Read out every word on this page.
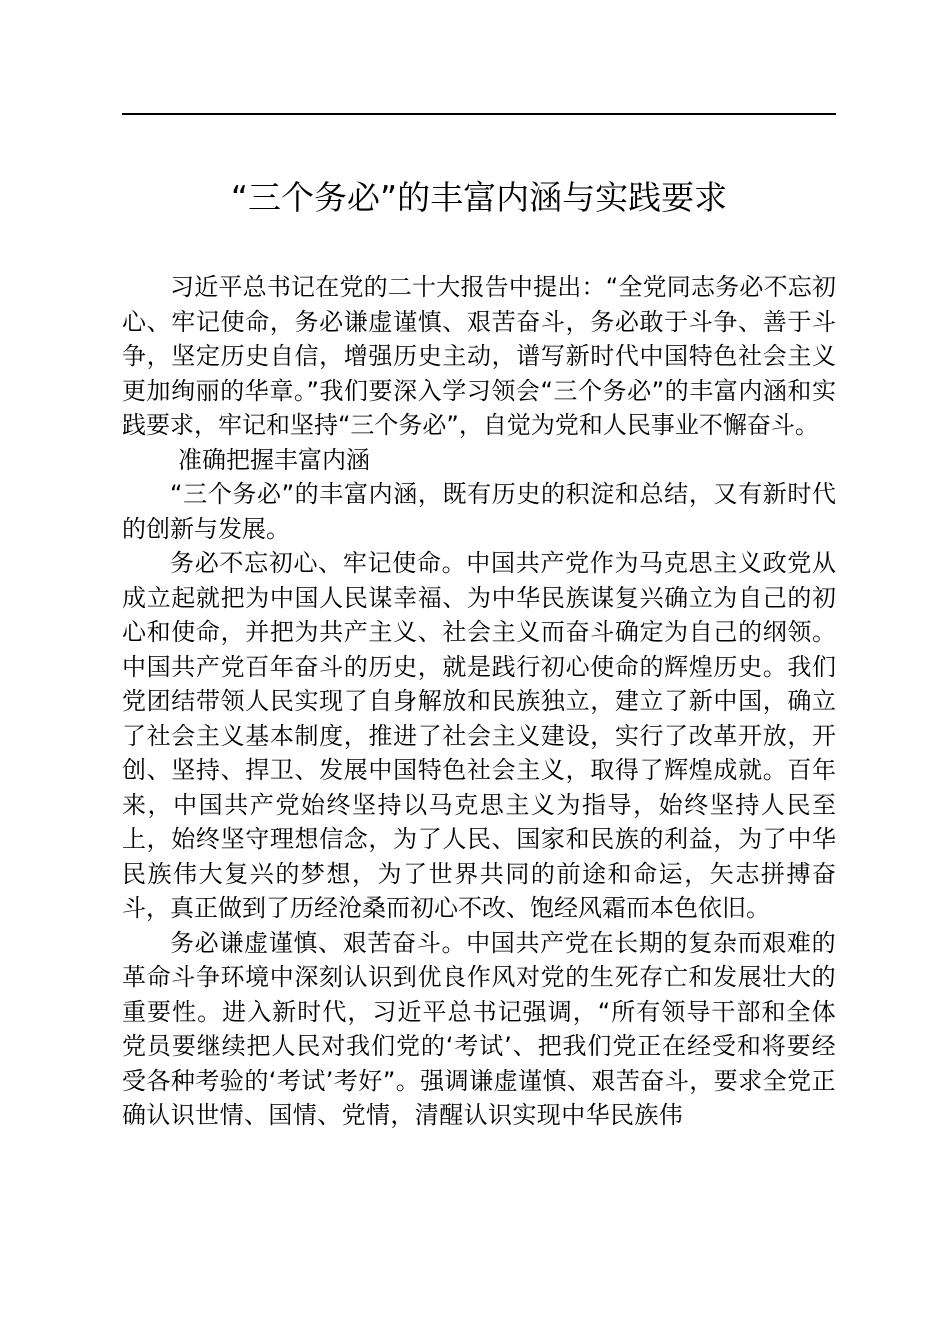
“三个务必”的丰富内涵与实践要求

习近平总书记在党的二十大报告中提出：“全党同志务必不忘初心、牢记使命，务必谦虚谨慎、艰苦奋斗，务必敢于斗争、善于斗争，坚定历史自信，增强历史主动，谱写新时代中国特色社会主义更加绚丽的华章。”我们要深入学习领会“三个务必”的丰富内涵和实践要求，牢记和坚持“三个务必”，自觉为党和人民事业不懈奋斗。

准确把握丰富内涵

“三个务必”的丰富内涵，既有历史的积淀和总结，又有新时代的创新与发展。

务必不忘初心、牢记使命。中国共产党作为马克思主义政党从成立起就把为中国人民谋幸福、为中华民族谋复兴确立为自己的初心和使命，并把为共产主义、社会主义而奋斗确定为自己的纲领。中国共产党百年奋斗的历史，就是践行初心使命的辉煌历史。我们党团结带领人民实现了自身解放和民族独立，建立了新中国，确立了社会主义基本制度，推进了社会主义建设，实行了改革开放，开创、坚持、捍卫、发展中国特色社会主义，取得了辉煌成就。百年来，中国共产党始终坚持以马克思主义为指导，始终坚持人民至上，始终坚守理想信念，为了人民、国家和民族的利益，为了中华民族伟大复兴的梦想，为了世界共同的前途和命运，矢志拼搏奋斗，真正做到了历经沧桑而初心不改、饱经风霜而本色依旧。

务必谦虚谨慎、艰苦奋斗。中国共产党在长期的复杂而艰难的革命斗争环境中深刻认识到优良作风对党的生死存亡和发展壮大的重要性。进入新时代，习近平总书记强调，“所有领导干部和全体党员要继续把人民对我们党的‘考试’、把我们党正在经受和将要经受各种考验的‘考试’考好”。强调谦虚谨慎、艰苦奋斗，要求全党正确认识世情、国情、党情，清醒认识实现中华民族伟
